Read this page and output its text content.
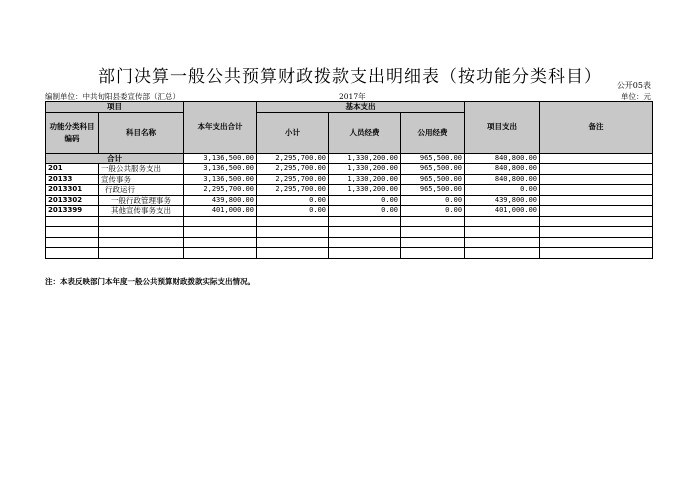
部门决算一般公共预算财政拨款支出明细表（按功能分类科目）	公开05表
编制单位：中共旬阳县委宣传部（汇总）	2017年	单位：元
项目		本年支出合计	基本支出			项目支出	备注
功能分类科目编码	科目名称		小计	人员经费	公用经费		
合计		3,136,500.00	2,295,700.00	1,330,200.00	965,500.00	840,800.00	
201	一般公共服务支出	3,136,500.00	2,295,700.00	1,330,200.00	965,500.00	840,800.00	
20133	宣传事务	3,136,500.00	2,295,700.00	1,330,200.00	965,500.00	840,800.00	
2013301	行政运行	2,295,700.00	2,295,700.00	1,330,200.00	965,500.00	0.00	
2013302	一般行政管理事务	439,800.00	0.00	0.00	0.00	439,800.00	
2013399	其他宣传事务支出	401,000.00	0.00	0.00	0.00	401,000.00	

注：本表反映部门本年度一般公共预算财政拨款实际支出情况。
